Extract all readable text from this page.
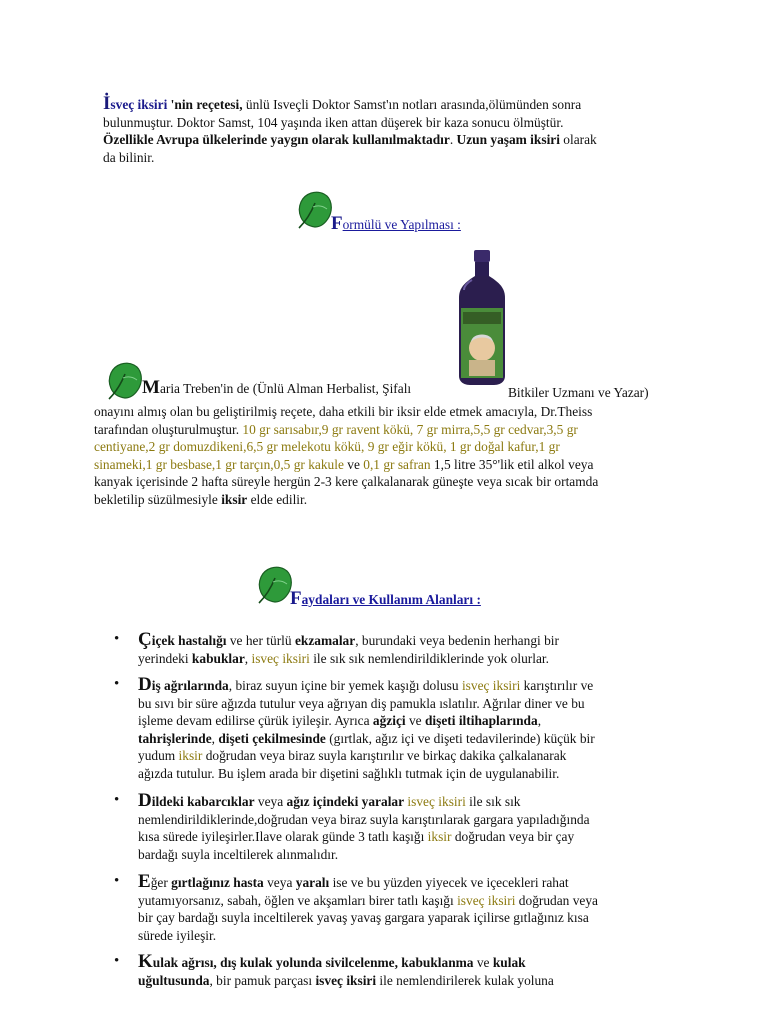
İsveç iksiri 'nin reçetesi, ünlü Isveçli Doktor Samst'ın notları arasında,ölümünden sonra
bulunmuştur. Doktor Samst, 104 yaşında iken attan düşerek bir kaza sonucu ölmüştür.
Özellikle Avrupa ülkelerinde yaygın olarak kullanılmaktadır. Uzun yaşam iksiri olarak
da bilinir.
Formülü ve Yapılması :
Maria Treben'in de (Ünlü Alman Herbalist, Şifalı	Bitkiler Uzmanı ve Yazar)
onayını almış olan bu geliştirilmiş reçete, daha etkili bir iksir elde etmek amacıyla, Dr.Theiss
tarafından oluşturulmuştur. 10 gr sarısabır,9 gr ravent kökü, 7 gr mirra,5,5 gr cedvar,3,5 gr
centiyane,2 gr domuzdikeni,6,5 gr melekotu kökü, 9 gr eğir kökü, 1 gr doğal kafur,1 gr
sinameki,1 gr besbase,1 gr tarçın,0,5 gr kakule ve 0,1 gr safran 1,5 litre 35°'lik etil alkol veya
kanyak içerisinde 2 hafta süreyle hergün 2-3 kere çalkalanarak güneşte veya sıcak bir ortamda
bekletilip süzülmesiyle iksir elde edilir.
Faydaları ve Kullanım Alanları :
• Çiçek hastalığı ve her türlü ekzamalar, burundaki veya bedenin herhangi bir
yerindeki kabuklar, isveç iksiri ile sık sık nemlendirildiklerinde yok olurlar.
• Diş ağrılarında, biraz suyun içine bir yemek kaşığı dolusu isveç iksiri karıştırılır ve
bu sıvı bir süre ağızda tutulur veya ağrıyan diş pamukla ıslatılır. Ağrılar diner ve bu
işleme devam edilirse çürük iyileşir. Ayrıca ağziçi ve dişeti iltihaplarında,
tahrişlerinde, dişeti çekilmesinde (gırtlak, ağız içi ve dişeti tedavilerinde) küçük bir
yudum iksir doğrudan veya biraz suyla karıştırılır ve birkaç dakika çalkalanarak
ağızda tutulur. Bu işlem arada bir dişetini sağlıklı tutmak için de uygulanabilir.
• Dildeki kabarcıklar veya ağız içindeki yaralar isveç iksiri ile sık sık
nemlendirildiklerinde,doğrudan veya biraz suyla karıştırılarak gargara yapıladığında
kısa sürede iyileşirler.Ilave olarak günde 3 tatlı kaşığı iksir doğrudan veya bir çay
bardağı suyla inceltilerek alınmalıdır.
• Eğer gırtlağınız hasta veya yaralı ise ve bu yüzden yiyecek ve içecekleri rahat
yutamıyorsanız, sabah, öğlen ve akşamları birer tatlı kaşığı isveç iksiri doğrudan veya
bir çay bardağı suyla inceltilerek yavaş yavaş gargara yaparak içilirse gıtlağınız kısa
sürede iyileşir.
• Kulak ağrısı, dış kulak yolunda sivilcelenme, kabuklanma ve kulak
uğultusunda, bir pamuk parçası isveç iksiri ile nemlendirilerek kulak yoluna
